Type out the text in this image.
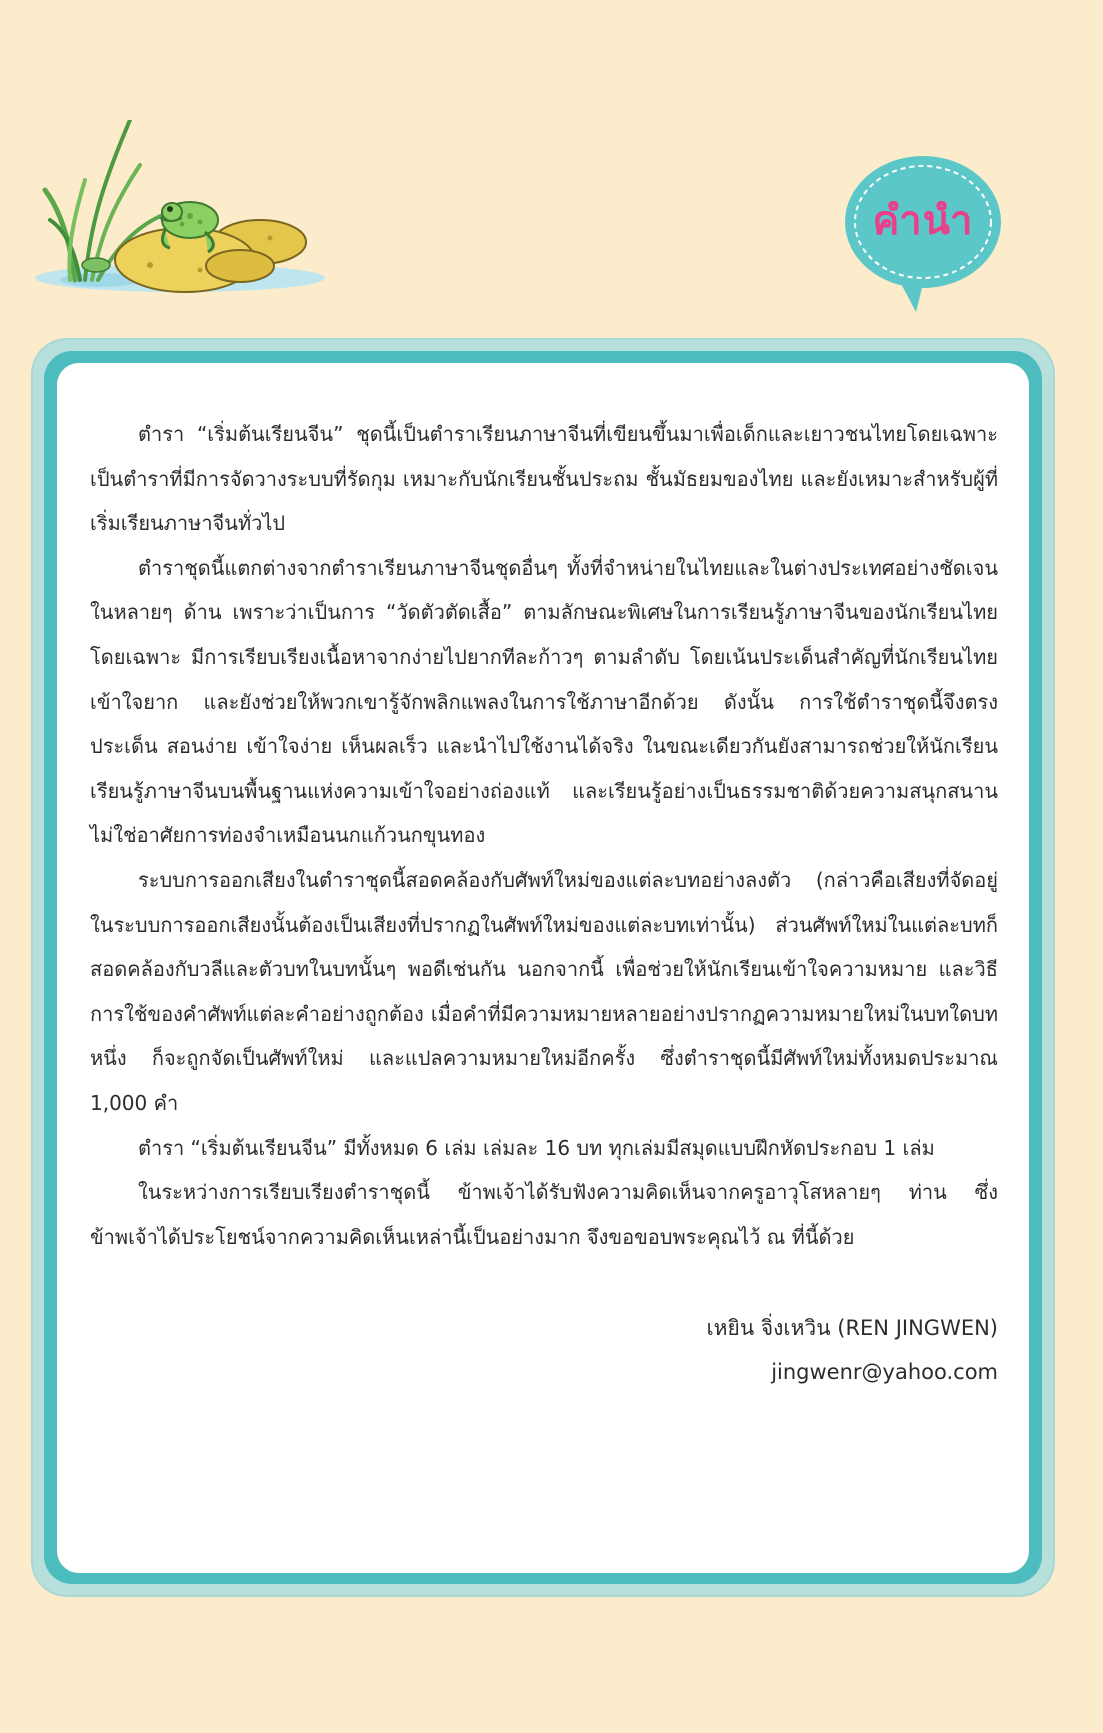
คำนำ

ตำรา “เริ่มต้นเรียนจีน” ชุดนี้เป็นตำราเรียนภาษาจีนที่เขียนขึ้นมาเพื่อเด็กและเยาวชนไทยโดยเฉพาะ เป็นตำราที่มีการจัดวางระบบที่รัดกุม เหมาะกับนักเรียนชั้นประถม ชั้นมัธยมของไทย และยังเหมาะสำหรับผู้ที่เริ่มเรียนภาษาจีนทั่วไป

ตำราชุดนี้แตกต่างจากตำราเรียนภาษาจีนชุดอื่นๆ ทั้งที่จำหน่ายในไทยและในต่างประเทศอย่างชัดเจนในหลายๆ ด้าน เพราะว่าเป็นการ “วัดตัวตัดเสื้อ” ตามลักษณะพิเศษในการเรียนรู้ภาษาจีนของนักเรียนไทยโดยเฉพาะ มีการเรียบเรียงเนื้อหาจากง่ายไปยากทีละก้าวๆ ตามลำดับ โดยเน้นประเด็นสำคัญที่นักเรียนไทยเข้าใจยาก และยังช่วยให้พวกเขารู้จักพลิกแพลงในการใช้ภาษาอีกด้วย ดังนั้น การใช้ตำราชุดนี้จึงตรงประเด็น สอนง่าย เข้าใจง่าย เห็นผลเร็ว และนำไปใช้งานได้จริง ในขณะเดียวกันยังสามารถช่วยให้นักเรียนเรียนรู้ภาษาจีนบนพื้นฐานแห่งความเข้าใจอย่างถ่องแท้ และเรียนรู้อย่างเป็นธรรมชาติด้วยความสนุกสนาน ไม่ใช่อาศัยการท่องจำเหมือนนกแก้วนกขุนทอง

ระบบการออกเสียงในตำราชุดนี้สอดคล้องกับศัพท์ใหม่ของแต่ละบทอย่างลงตัว (กล่าวคือเสียงที่จัดอยู่ในระบบการออกเสียงนั้นต้องเป็นเสียงที่ปรากฏในศัพท์ใหม่ของแต่ละบทเท่านั้น) ส่วนศัพท์ใหม่ในแต่ละบทก็สอดคล้องกับวลีและตัวบทในบทนั้นๆ พอดีเช่นกัน นอกจากนี้ เพื่อช่วยให้นักเรียนเข้าใจความหมาย และวิธีการใช้ของคำศัพท์แต่ละคำอย่างถูกต้อง เมื่อคำที่มีความหมายหลายอย่างปรากฏความหมายใหม่ในบทใดบทหนึ่ง ก็จะถูกจัดเป็นศัพท์ใหม่ และแปลความหมายใหม่อีกครั้ง ซึ่งตำราชุดนี้มีศัพท์ใหม่ทั้งหมดประมาณ 1,000 คำ

ตำรา “เริ่มต้นเรียนจีน” มีทั้งหมด 6 เล่ม เล่มละ 16 บท ทุกเล่มมีสมุดแบบฝึกหัดประกอบ 1 เล่ม

ในระหว่างการเรียบเรียงตำราชุดนี้ ข้าพเจ้าได้รับฟังความคิดเห็นจากครูอาวุโสหลายๆ ท่าน ซึ่งข้าพเจ้าได้ประโยชน์จากความคิดเห็นเหล่านี้เป็นอย่างมาก จึงขอขอบพระคุณไว้ ณ ที่นี้ด้วย

เหยิน จิ่งเหวิน (REN JINGWEN)
jingwenr@yahoo.com
